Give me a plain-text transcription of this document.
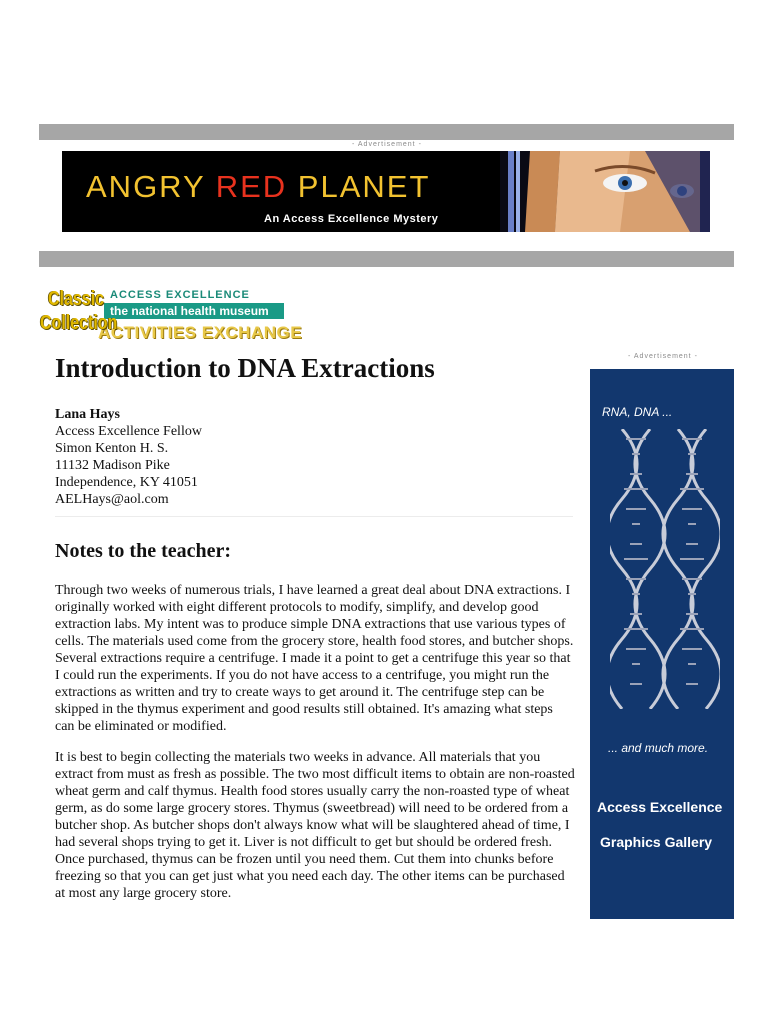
- Advertisement -
ANGRY RED PLANET
An Access Excellence Mystery
ACCESS EXCELLENCE
the national health museum
ACTIVITIES EXCHANGE
Classic
Collection
- Advertisement -
Introduction to DNA Extractions
Lana Hays
Access Excellence Fellow
Simon Kenton H. S.
11132 Madison Pike
Independence, KY 41051
AELHays@aol.com
Notes to the teacher:

Through two weeks of numerous trials, I have learned a great deal about DNA extractions. I originally worked with eight different protocols to modify, simplify, and develop good extraction labs. My intent was to produce simple DNA extractions that use various types of cells. The materials used come from the grocery store, health food stores, and butcher shops. Several extractions require a centrifuge. I made it a point to get a centrifuge this year so that I could run the experiments. If you do not have access to a centrifuge, you might run the extractions as written and try to create ways to get around it. The centrifuge step can be skipped in the thymus experiment and good results still obtained. It's amazing what steps can be eliminated or modified.

It is best to begin collecting the materials two weeks in advance. All materials that you extract from must as fresh as possible. The two most difficult items to obtain are non-roasted wheat germ and calf thymus. Health food stores usually carry the non-roasted type of wheat germ, as do some large grocery stores. Thymus (sweetbread) will need to be ordered from a butcher shop. As butcher shops don't always know what will be slaughtered ahead of time, I had several shops trying to get it. Liver is not difficult to get but should be ordered fresh. Once purchased, thymus can be frozen until you need them. Cut them into chunks before freezing so that you can get just what you need each day. The other items can be purchased at most any large grocery store.

RNA, DNA ...
... and much more.
Access Excellence
Graphics Gallery
